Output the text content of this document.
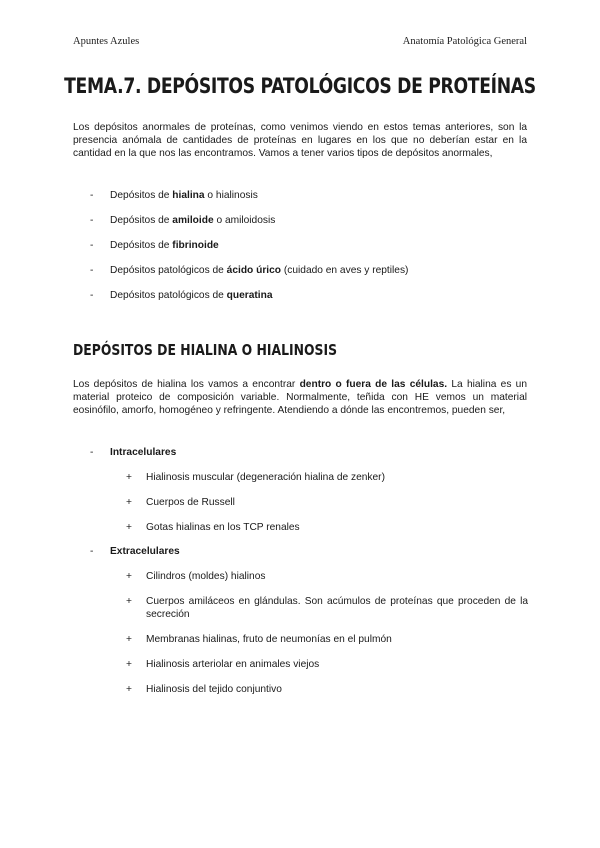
Apuntes Azules	Anatomía Patológica General
TEMA.7. DEPÓSITOS PATOLÓGICOS DE PROTEÍNAS

Los depósitos anormales de proteínas, como venimos viendo en estos temas anteriores, son la presencia anómala de cantidades de proteínas en lugares en los que no deberían estar en la cantidad en la que nos las encontramos. Vamos a tener varios tipos de depósitos anormales,

- Depósitos de hialina o hialinosis
- Depósitos de amiloide o amiloidosis
- Depósitos de fibrinoide
- Depósitos patológicos de ácido úrico (cuidado en aves y reptiles)
- Depósitos patológicos de queratina
DEPÓSITOS DE HIALINA O HIALINOSIS

Los depósitos de hialina los vamos a encontrar dentro o fuera de las células. La hialina es un material proteico de composición variable. Normalmente, teñida con HE vemos un material eosinófilo, amorfo, homogéneo y refringente. Atendiendo a dónde las encontremos, pueden ser,

- Intracelulares
+ Hialinosis muscular (degeneración hialina de zenker)
+ Cuerpos de Russell
+ Gotas hialinas en los TCP renales
- Extracelulares
+ Cilindros (moldes) hialinos
+ Cuerpos amiláceos en glándulas. Son acúmulos de proteínas que proceden de la secreción
+ Membranas hialinas, fruto de neumonías en el pulmón
+ Hialinosis arteriolar en animales viejos
+ Hialinosis del tejido conjuntivo
